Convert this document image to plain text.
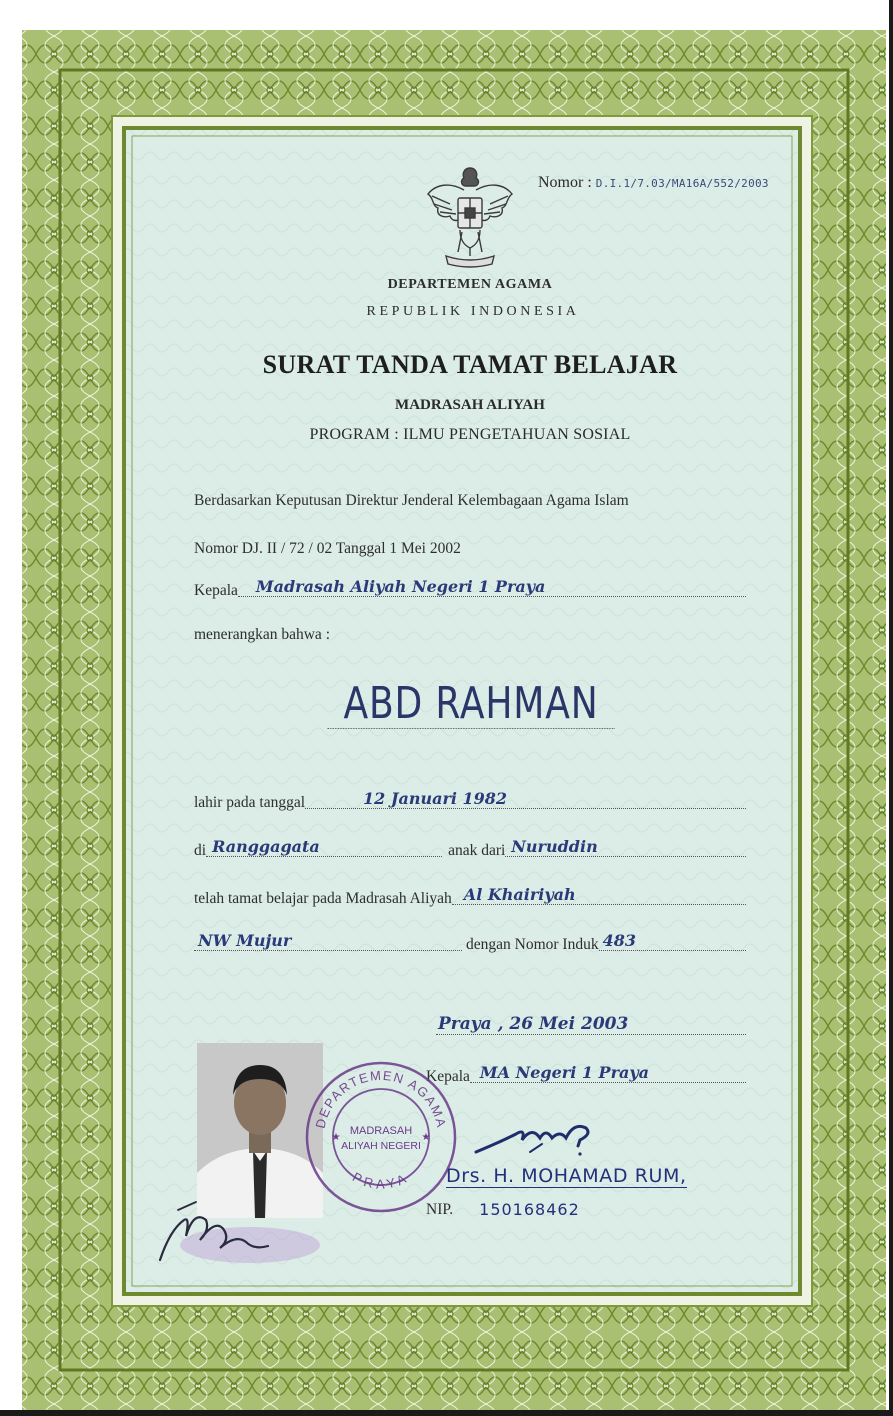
Nomor : D.I.1/7.03/MA16A/552/2003
DEPARTEMEN AGAMA
REPUBLIK INDONESIA
SURAT TANDA TAMAT BELAJAR
MADRASAH ALIYAH
PROGRAM : ILMU PENGETAHUAN SOSIAL
Berdasarkan Keputusan Direktur Jenderal Kelembagaan Agama Islam
Nomor DJ. II / 72 / 02 Tanggal 1 Mei 2002
Kepala Madrasah Aliyah Negeri 1 Praya
menerangkan bahwa :
ABD RAHMAN
lahir pada tanggal	12 Januari 1982
di Ranggagata	anak dari Nuruddin
telah tamat belajar pada Madrasah Aliyah Al Khairiyah
NW Mujur	dengan Nomor Induk 483
Praya , 26 Mei 2003
Kepala MA Negeri 1 Praya
DEPARTEMEN AGAMA
PRAYA
MADRASAH
ALIYAH NEGERI
★	★
Drs. H. MOHAMAD RUM,
NIP. 150168462
